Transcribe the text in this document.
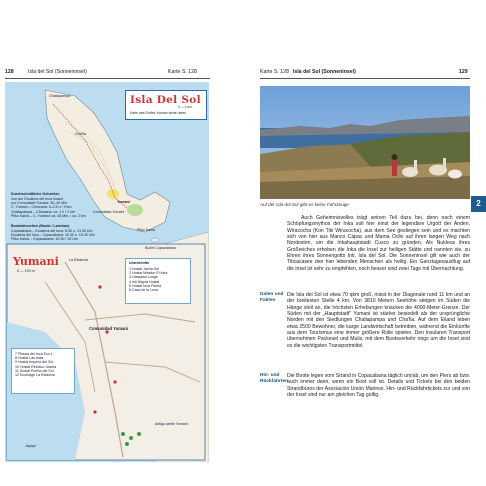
128	Isla del Sol (Sonneninsel)	Karte S. 128
Isla Del Sol
Karte des Dorfes Yumani siehe unten
0 — 1 km
Durchschnittliche Gehzeiten
Von der Escalera del Inca hinauf
zur Comunidad Yumani: 30–40 Min.
C. Yumani – Chincana: 5–2,5 h / 9 km
Challapampa – Chincana: ca. 1 h / 2 km
Pilko Kaina – C. Yumani: ca. 45 Min. / ca. 2 km
Bootsfahrzeiten (Boote / Lanchas)
Copacabana – Escalera del Inca: 8.30 u. 13.30 Uhr
Escalera del Inca – Copacabana: 10.30 u. 15.30 Uhr
Pilko Kaina – Copacabana: 10.30 / 16 Uhr
Challapampa
Cha'lla
Yumani
Pilko Kaina
Comunidad Yumani
Bucht Copacabana
Yumani
0 — 100 m
La Estancia
Comunidad Yumani
Japapi
Antigo-stelle Yumani
Unterkünfte
1 Hostal Jacha Inti
2 Hostal Mirador El Inka
3 Utawawa Lodge
4 Inti Wayra Hostal
5 Hostal Inca Pacha
6 Casa de la Luna
7 Pirasia del Inca Eco L.
8 Hostal Las Islas
9 Hostal Imperio del Sol
10 Hostal Restaur. Utama
11 Hostal Puerta del Sol
12 Ecolodge La Estancia
Karte S. 128 Isla del Sol (Sonneninsel)	129
Auf der Isla del Sol gibt es keine Fahrzeuge
Auch Geheimnisvolles trägt seinen Teil dazu bei, denn nach einem Schöpfungsmythos der Inka soll hier einst der legendäre Urgott der Anden, Wiracocha (Kon Tiki Wiracocha), aus dem See gestiegen sein und es machten sich von hier aus Manco Cápac und Mama Ocllo auf ihren langen Weg nach Nordosten, um die Inkahauptstadt Cusco zu gründen. Als Nukleus ihres Großreiches erhoben die Inka die Insel zur heiligen Stätte und nannten sie, zu Ehren ihres Sonnengotts Inti, Isla del Sol. Die Sonneninsel gilt wie auch der Titicacasee den hier lebenden Menschen als heilig. Ein Ganztagesausflug auf die Insel ist sehr zu empfehlen, noch besser sind zwei Tage mit Übernachtung.
Daten und Fakten
Die Isla del Sol ist etwa 70 qkm groß, misst in der Diagonale rund 11 km und an der breitesten Stelle 4 km. Von 3810 Metern Seehöhe steigen im Süden die Hänge steil an, die höchsten Erhebungen knacken die 4000-Meter-Grenze. Der Süden mit der „Hauptstadt" Yumani ist stärker besiedelt als der ursprüngliche Norden mit den Siedlungen Challapampa und Cha'lla. Auf dem Eiland leben etwa 2500 Bewohner, die karge Landwirtschaft betreiben, während die Einkünfte aus dem Tourismus eine immer größere Rolle spielen. Den insularen Transport übernehmen Packesel und Mulis, mit dem Bootsverkehr rings um die Insel sind es die wichtigsten Transportmittel.
Hin- und Rückfahrten
Die Boote legen vom Strand in Copacabana täglich um/ab, um den Piers ab bzw. auch immer dann, wenn ein Boot voll ist. Details und Tickets bei den beiden Strandbüros der Asociación Unión Marinos. Hin- und Rückfahrtickets zur und von der Insel sind nur am gleichen Tag gültig.
2
